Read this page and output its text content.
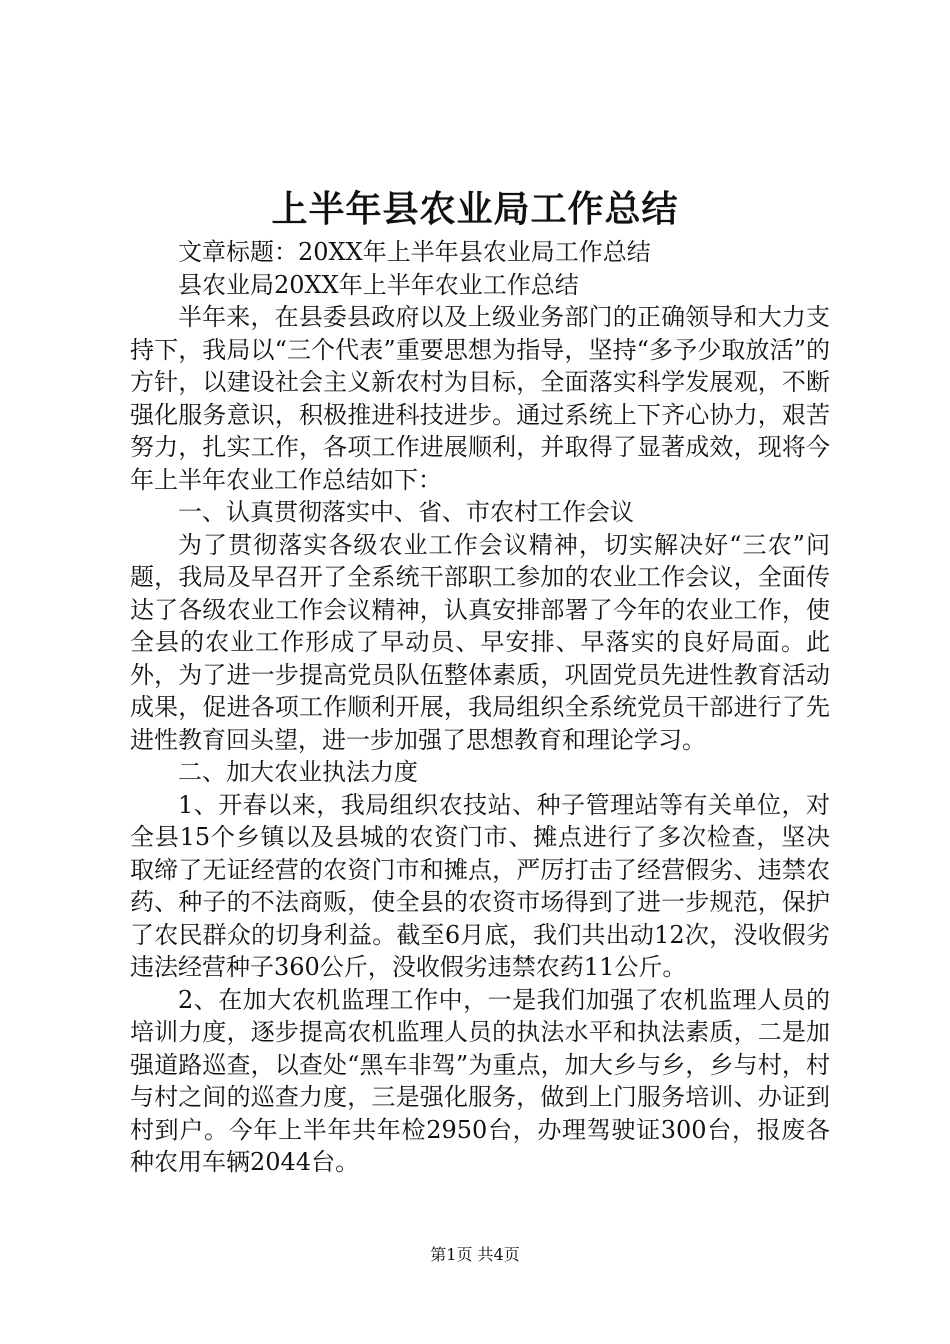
上半年县农业局工作总结

文章标题：20XX年上半年县农业局工作总结

县农业局20XX年上半年农业工作总结

半年来，在县委县政府以及上级业务部门的正确领导和大力支持下，我局以“三个代表”重要思想为指导，坚持“多予少取放活”的方针，以建设社会主义新农村为目标，全面落实科学发展观，不断强化服务意识，积极推进科技进步。通过系统上下齐心协力，艰苦努力，扎实工作，各项工作进展顺利，并取得了显著成效，现将今年上半年农业工作总结如下：

一、认真贯彻落实中、省、市农村工作会议

为了贯彻落实各级农业工作会议精神，切实解决好“三农”问题，我局及早召开了全系统干部职工参加的农业工作会议，全面传达了各级农业工作会议精神，认真安排部署了今年的农业工作，使全县的农业工作形成了早动员、早安排、早落实的良好局面。此外，为了进一步提高党员队伍整体素质，巩固党员先进性教育活动成果，促进各项工作顺利开展，我局组织全系统党员干部进行了先进性教育回头望，进一步加强了思想教育和理论学习。

二、加大农业执法力度

1、开春以来，我局组织农技站、种子管理站等有关单位，对全县15个乡镇以及县城的农资门市、摊点进行了多次检查，坚决取缔了无证经营的农资门市和摊点，严厉打击了经营假劣、违禁农药、种子的不法商贩，使全县的农资市场得到了进一步规范，保护了农民群众的切身利益。截至6月底，我们共出动12次，没收假劣违法经营种子360公斤，没收假劣违禁农药11公斤。

2、在加大农机监理工作中，一是我们加强了农机监理人员的培训力度，逐步提高农机监理人员的执法水平和执法素质，二是加强道路巡查，以查处“黑车非驾”为重点，加大乡与乡，乡与村，村与村之间的巡查力度，三是强化服务，做到上门服务培训、办证到村到户。今年上半年共年检2950台，办理驾驶证300台，报废各种农用车辆2044台。

第1页 共4页
